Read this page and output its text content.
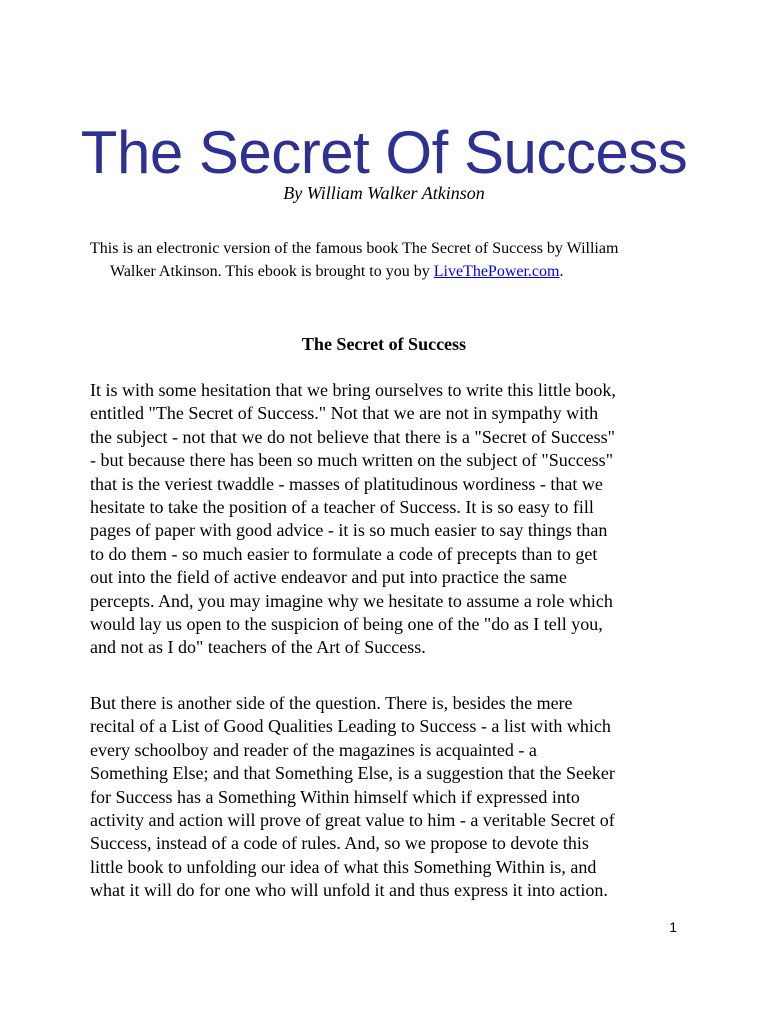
The Secret Of Success

By William Walker Atkinson

This is an electronic version of the famous book The Secret of Success by William
Walker Atkinson. This ebook is brought to you by LiveThePower.com.

The Secret of Success

It is with some hesitation that we bring ourselves to write this little book,
entitled "The Secret of Success." Not that we are not in sympathy with
the subject - not that we do not believe that there is a "Secret of Success"
- but because there has been so much written on the subject of "Success"
that is the veriest twaddle - masses of platitudinous wordiness - that we
hesitate to take the position of a teacher of Success. It is so easy to fill
pages of paper with good advice - it is so much easier to say things than
to do them - so much easier to formulate a code of precepts than to get
out into the field of active endeavor and put into practice the same
percepts. And, you may imagine why we hesitate to assume a role which
would lay us open to the suspicion of being one of the "do as I tell you,
and not as I do" teachers of the Art of Success.

But there is another side of the question. There is, besides the mere
recital of a List of Good Qualities Leading to Success - a list with which
every schoolboy and reader of the magazines is acquainted - a
Something Else; and that Something Else, is a suggestion that the Seeker
for Success has a Something Within himself which if expressed into
activity and action will prove of great value to him - a veritable Secret of
Success, instead of a code of rules. And, so we propose to devote this
little book to unfolding our idea of what this Something Within is, and
what it will do for one who will unfold it and thus express it into action.

1
